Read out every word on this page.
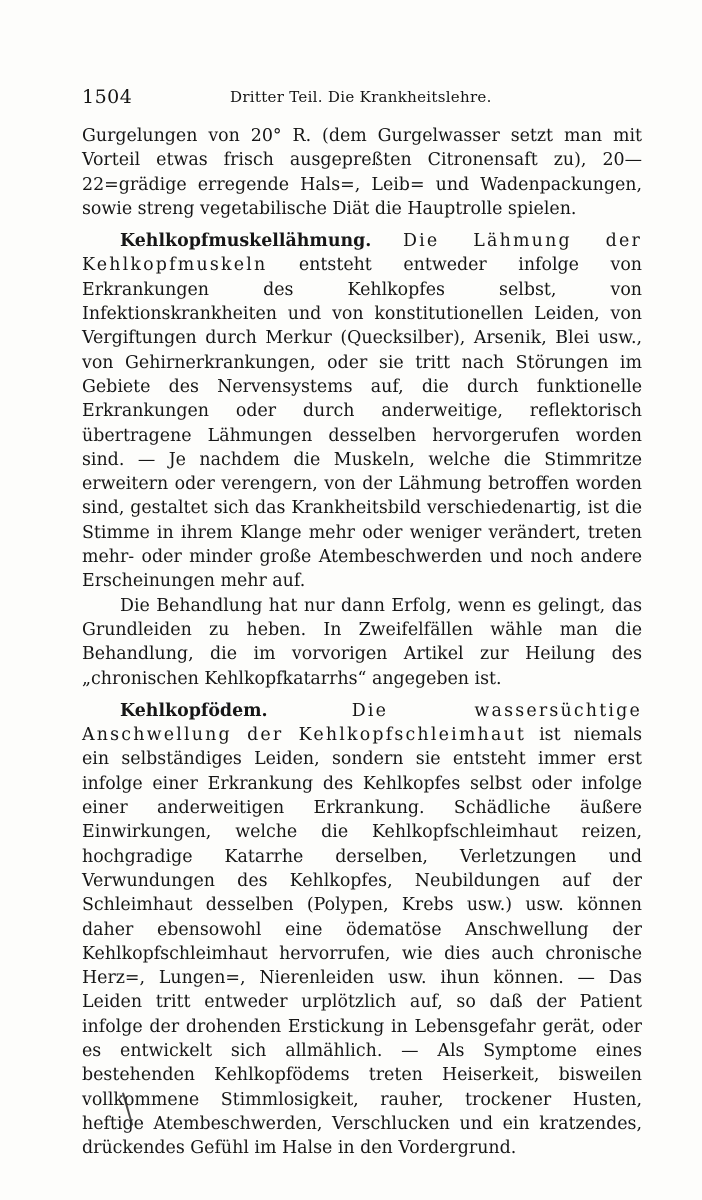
1504	Dritter Teil. Die Krankheitslehre.

Gurgelungen von 20° R. (dem Gurgelwasser setzt man mit Vorteil etwas frisch ausgepreßten Citronensaft zu), 20—22=grädige erregende Hals=, Leib= und Wadenpackungen, sowie streng vegetabilische Diät die Hauptrolle spielen.

Kehlkopfmuskellähmung. Die Lähmung der Kehlkopfmuskeln entsteht entweder infolge von Erkrankungen des Kehlkopfes selbst, von Infektionskrankheiten und von konstitutionellen Leiden, von Vergiftungen durch Merkur (Quecksilber), Arsenik, Blei usw., von Gehirnerkrankungen, oder sie tritt nach Störungen im Gebiete des Nervensystems auf, die durch funktionelle Erkrankungen oder durch anderweitige, reflektorisch übertragene Lähmungen desselben hervorgerufen worden sind. — Je nachdem die Muskeln, welche die Stimmritze erweitern oder verengern, von der Lähmung betroffen worden sind, gestaltet sich das Krankheitsbild verschiedenartig, ist die Stimme in ihrem Klange mehr oder weniger verändert, treten mehr- oder minder große Atembeschwerden und noch andere Erscheinungen mehr auf.

Die Behandlung hat nur dann Erfolg, wenn es gelingt, das Grundleiden zu heben. In Zweifelfällen wähle man die Behandlung, die im vorvorigen Artikel zur Heilung des „chronischen Kehlkopfkatarrhs“ angegeben ist.

Kehlkopfödem.	Die wassersüchtige Anschwellung der Kehlkopfschleimhaut ist niemals ein selbständiges Leiden, sondern sie entsteht immer erst infolge einer Erkrankung des Kehlkopfes selbst oder infolge einer anderweitigen Erkrankung. Schädliche äußere Einwirkungen, welche die Kehlkopfschleimhaut reizen, hochgradige Katarrhe derselben, Verletzungen und Verwundungen des Kehlkopfes, Neubildungen auf der Schleimhaut desselben (Polypen, Krebs usw.) usw. können daher ebensowohl eine ödematöse Anschwellung der Kehlkopfschleimhaut hervorrufen, wie dies auch chronische Herz=, Lungen=, Nierenleiden usw. ihun können. — Das Leiden tritt entweder urplötzlich auf, so daß der Patient infolge der drohenden Erstickung in Lebensgefahr gerät, oder es entwickelt sich allmählich. — Als Symptome eines bestehenden Kehlkopfödems treten Heiserkeit, bisweilen vollkommene Stimmlosigkeit, rauher, trockener Husten, heftige Atembeschwerden, Verschlucken und ein kratzendes, drückendes Gefühl im Halse in den Vordergrund.
